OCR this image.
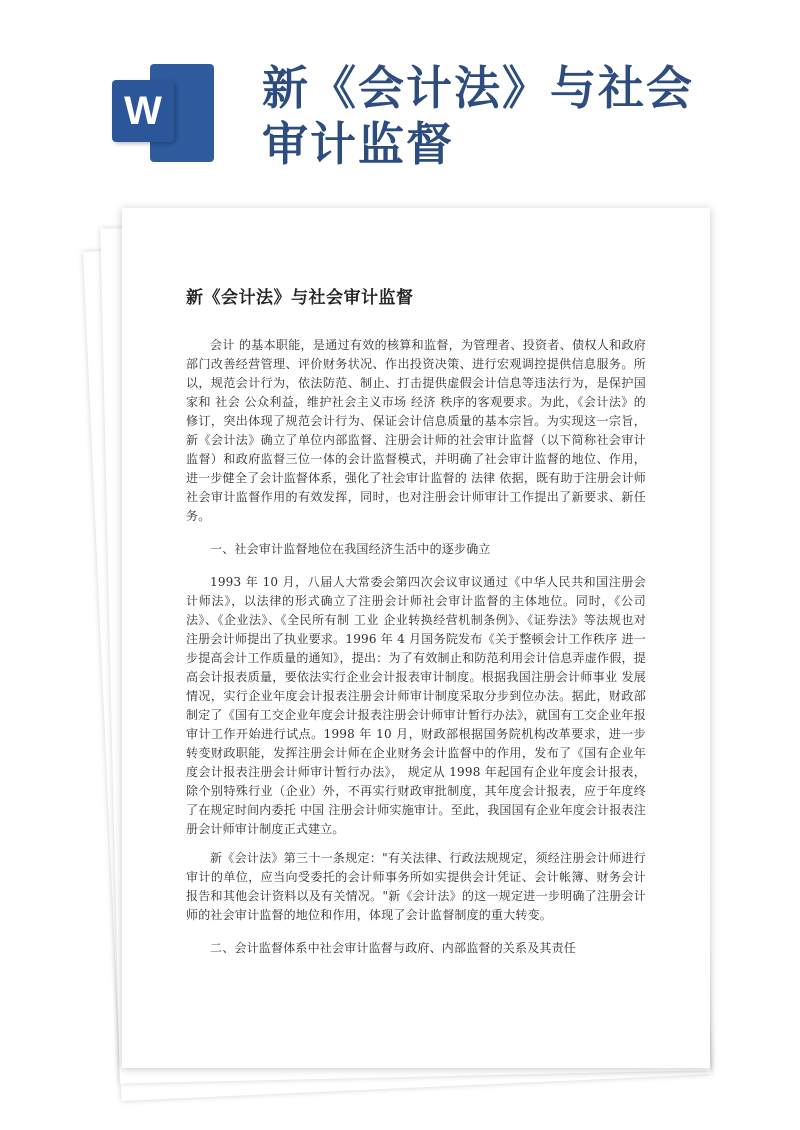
W 新《会计法》与社会审计监督
新《会计法》与社会审计监督

会计 的基本职能，是通过有效的核算和监督，为管理者、投资者、债权人和政府部门改善经营管理、评价财务状况、作出投资决策、进行宏观调控提供信息服务。所以，规范会计行为，依法防范、制止、打击提供虚假会计信息等违法行为，是保护国家和 社会 公众利益，维护社会主义市场 经济 秩序的客观要求。为此，《会计法》的修订，突出体现了规范会计行为、保证会计信息质量的基本宗旨。为实现这一宗旨，新《会计法》确立了单位内部监督、注册会计师的社会审计监督（以下简称社会审计监督）和政府监督三位一体的会计监督模式，并明确了社会审计监督的地位、作用，进一步健全了会计监督体系，强化了社会审计监督的 法律 依据，既有助于注册会计师社会审计监督作用的有效发挥，同时，也对注册会计师审计工作提出了新要求、新任务。

一、社会审计监督地位在我国经济生活中的逐步确立

1993 年 10 月，八届人大常委会第四次会议审议通过《中华人民共和国注册会计师法》，以法律的形式确立了注册会计师社会审计监督的主体地位。同时，《公司法》、《企业法》、《全民所有制 工业 企业转换经营机制条例》、《证券法》等法规也对注册会计师提出了执业要求。1996 年 4 月国务院发布《关于整顿会计工作秩序 进一步提高会计工作质量的通知》，提出：为了有效制止和防范利用会计信息弄虚作假，提高会计报表质量，要依法实行企业会计报表审计制度。根据我国注册会计师事业 发展 情况，实行企业年度会计报表注册会计师审计制度采取分步到位办法。据此，财政部制定了《国有工交企业年度会计报表注册会计师审计暂行办法》，就国有工交企业年报审计工作开始进行试点。1998 年 10 月，财政部根据国务院机构改革要求，进一步转变财政职能，发挥注册会计师在企业财务会计监督中的作用，发布了《国有企业年度会计报表注册会计师审计暂行办法》， 规定从 1998 年起国有企业年度会计报表，除个别特殊行业（企业）外，不再实行财政审批制度，其年度会计报表，应于年度终了在规定时间内委托 中国 注册会计师实施审计。至此，我国国有企业年度会计报表注册会计师审计制度正式建立。

新《会计法》第三十一条规定："有关法律、行政法规规定，须经注册会计师进行审计的单位，应当向受委托的会计师事务所如实提供会计凭证、会计帐簿、财务会计报告和其他会计资料以及有关情况。"新《会计法》的这一规定进一步明确了注册会计师的社会审计监督的地位和作用，体现了会计监督制度的重大转变。

二、会计监督体系中社会审计监督与政府、内部监督的关系及其责任
